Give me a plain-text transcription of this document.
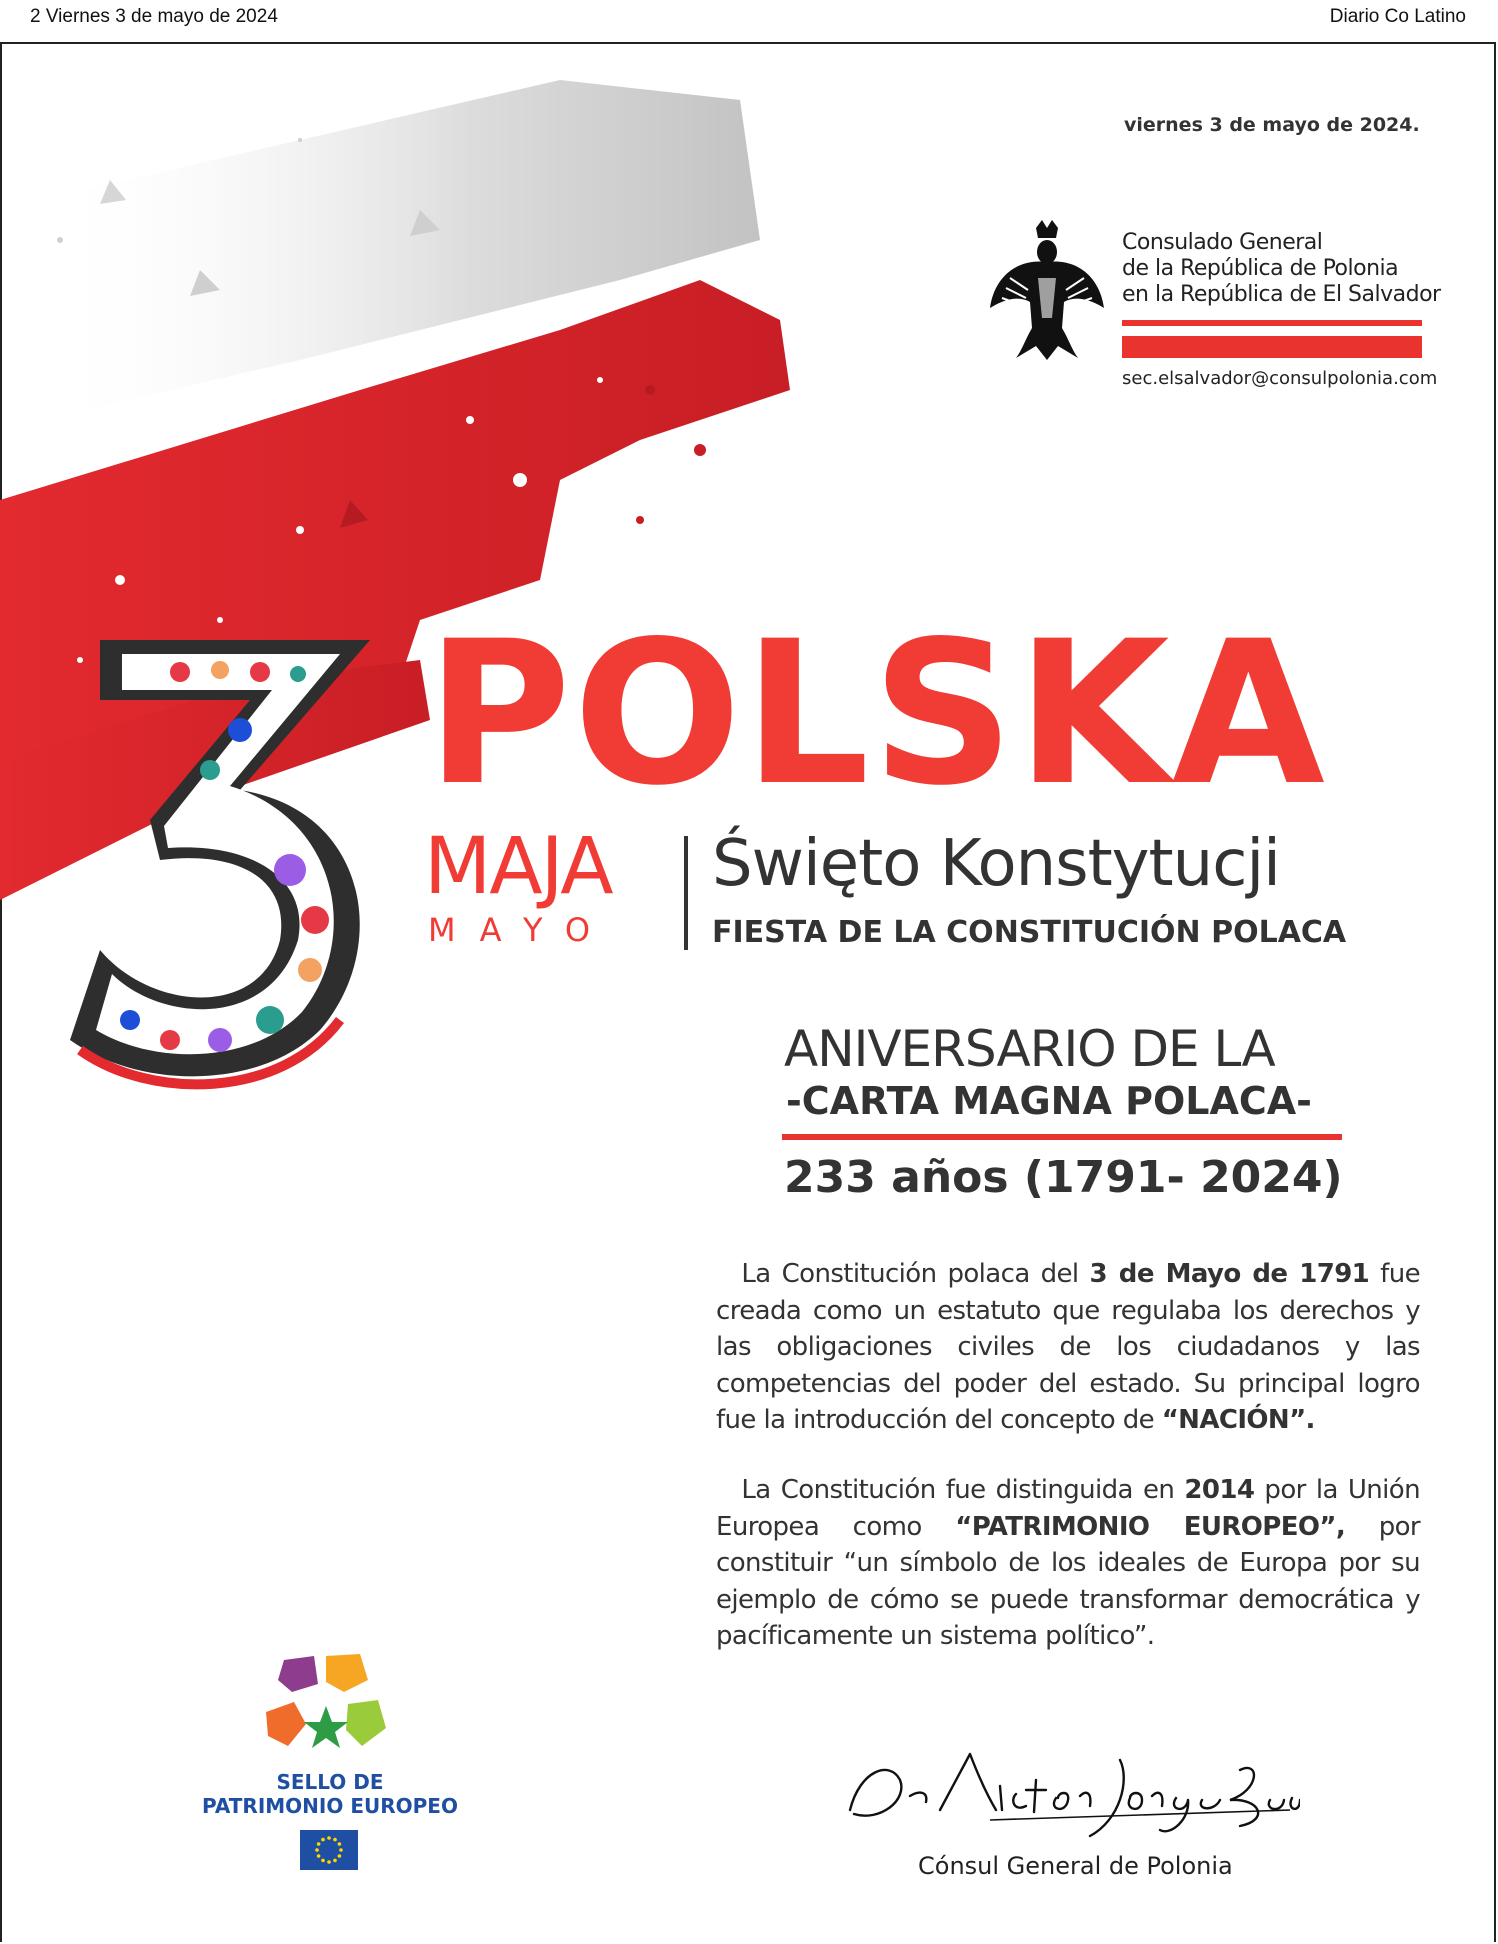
2 Viernes 3 de mayo de 2024	Diario Co Latino
POLSKA
MAJA
MAYO
Święto Konstytucji
FIESTA DE LA CONSTITUCIÓN POLACA
viernes 3 de mayo de 2024.
Consulado General
de la República de Polonia
en la República de El Salvador
sec.elsalvador@consulpolonia.com
ANIVERSARIO DE LA
-CARTA MAGNA POLACA-
233 años (1791- 2024)
 La Constitución polaca del 3 de Mayo de 1791 fue creada como un estatuto que regulaba los derechos y las obligaciones civiles de los ciudadanos y las competencias del poder del estado. Su principal logro fue la introducción del concepto de “NACIÓN”.
 La Constitución fue distinguida en 2014 por la Unión Europea como “PATRIMONIO EUROPEO”, por constituir “un símbolo de los ideales de Europa por su ejemplo de cómo se puede transformar democrática y pacíficamente un sistema político”.
SELLO DE
PATRIMONIO EUROPEO
Cónsul General de Polonia
